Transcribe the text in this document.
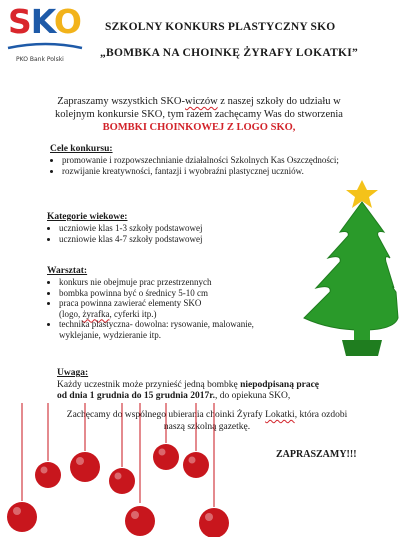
SKO
PKO Bank Polski
SZKOLNY KONKURS PLASTYCZNY SKO
„BOMBKA NA CHOINKĘ ŻYRAFY LOKATKI”
Zapraszamy wszystkich SKO-wiczów z naszej szkoły do udziału w kolejnym konkursie SKO, tym razem zachęcamy Was do stworzenia BOMBKI CHOINKOWEJ Z LOGO SKO,
Cele konkursu:
• promowanie i rozpowszechnianie działalności Szkolnych Kas Oszczędności;
• rozwijanie kreatywności, fantazji i wyobraźni plastycznej uczniów.
Kategorie wiekowe:
• uczniowie klas 1-3 szkoły podstawowej
• uczniowie klas 4-7 szkoły podstawowej
Warsztat:
• konkurs nie obejmuje prac przestrzennych
• bombka powinna być o średnicy 5-10 cm
• praca powinna zawierać elementy SKO
(logo, żyrafka, cyferki itp.)
• technika plastyczna- dowolna: rysowanie, malowanie, wyklejanie, wydzieranie itp.
Uwaga:
Każdy uczestnik może przynieść jedną bombkę niepodpisaną pracę
od dnia 1 grudnia do 15 grudnia 2017r., do opiekuna SKO,
Zachęcamy do wspólnego ubierania choinki Żyrafy Lokatki, która ozdobi naszą szkolną gazetkę.
ZAPRASZAMY!!!
